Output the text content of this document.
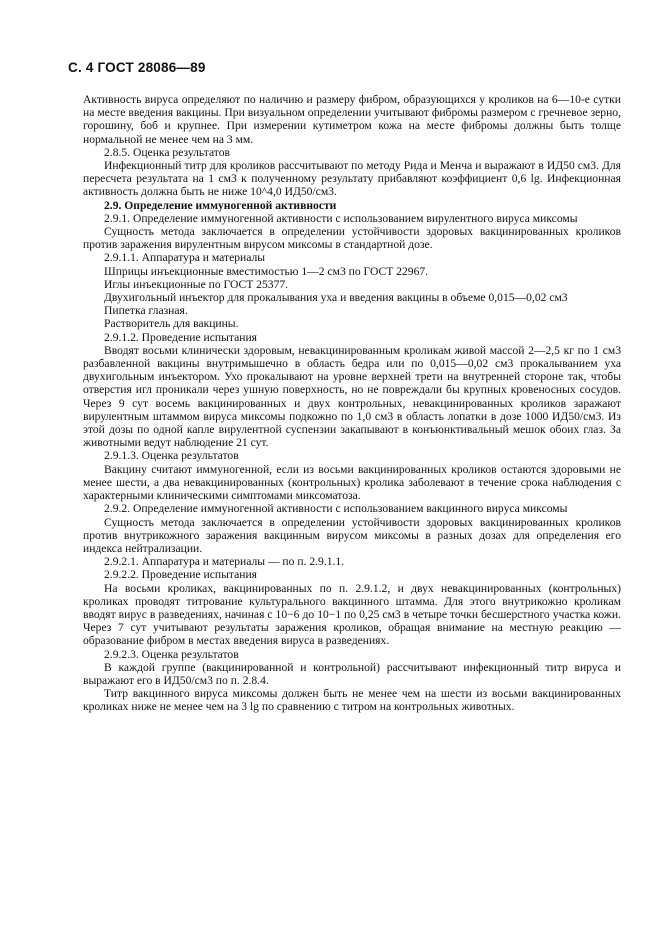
С. 4 ГОСТ 28086—89

Активность вируса определяют по наличию и размеру фибром, образующихся у кроликов на 6—10-е сутки на месте введения вакцины. При визуальном определении учитывают фибромы размером с гречневое зерно, горошину, боб и крупнее. При измерении кутиметром кожа на месте фибромы должны быть толще нормальной не менее чем на 3 мм.

2.8.5. Оценка результатов

Инфекционный титр для кроликов рассчитывают по методу Рида и Менча и выражают в ИД50 см3. Для пересчета результата на 1 см3 к полученному результату прибавляют коэффициент 0,6 lg. Инфекционная активность должна быть не ниже 10^4,0 ИД50/см3.

2.9. Определение иммуногенной активности

2.9.1. Определение иммуногенной активности с использованием вирулентного вируса миксомы

Сущность метода заключается в определении устойчивости здоровых вакцинированных кроликов против заражения вирулентным вирусом миксомы в стандартной дозе.

2.9.1.1. Аппаратура и материалы

Шприцы инъекционные вместимостью 1—2 см3 по ГОСТ 22967.

Иглы инъекционные по ГОСТ 25377.

Двухигольный инъектор для прокалывания уха и введения вакцины в объеме 0,015—0,02 см3

Пипетка глазная.

Растворитель для вакцины.

2.9.1.2. Проведение испытания

Вводят восьми клинически здоровым, невакцинированным кроликам живой массой 2—2,5 кг по 1 см3 разбавленной вакцины внутримышечно в область бедра или по 0,015—0,02 см3 прокалыванием уха двухигольным инъектором. Ухо прокалывают на уровне верхней трети на внутренней стороне так, чтобы отверстия игл проникали через ушную поверхность, но не повреждали бы крупных кровеносных сосудов. Через 9 сут восемь вакцинированных и двух контрольных, невакцинированных кроликов заражают вирулентным штаммом вируса миксомы подкожно по 1,0 см3 в область лопатки в дозе 1000 ИД50/см3. Из этой дозы по одной капле вирулентной суспензии закапывают в конъюнктивальный мешок обоих глаз. За животными ведут наблюдение 21 сут.

2.9.1.3. Оценка результатов

Вакцину считают иммуногенной, если из восьми вакцинированных кроликов остаются здоровыми не менее шести, а два невакцинированных (контрольных) кролика заболевают в течение срока наблюдения с характерными клиническими симптомами миксоматоза.

2.9.2. Определение иммуногенной активности с использованием вакцинного вируса миксомы

Сущность метода заключается в определении устойчивости здоровых вакцинированных кроликов против внутрикожного заражения вакцинным вирусом миксомы в разных дозах для определения его индекса нейтрализации.

2.9.2.1. Аппаратура и материалы — по п. 2.9.1.1.

2.9.2.2. Проведение испытания

На восьми кроликах, вакцинированных по п. 2.9.1.2, и двух невакцинированных (контрольных) кроликах проводят титрование культурального вакцинного штамма. Для этого внутрикожно кроликам вводят вирус в разведениях, начиная с 10−6 до 10−1 по 0,25 см3 в четыре точки бесшерстного участка кожи. Через 7 сут учитывают результаты заражения кроликов, обращая внимание на местную реакцию — образование фибром в местах введения вируса в разведениях.

2.9.2.3. Оценка результатов

В каждой группе (вакцинированной и контрольной) рассчитывают инфекционный титр вируса и выражают его в ИД50/см3 по п. 2.8.4.

Титр вакцинного вируса миксомы должен быть не менее чем на шести из восьми вакцинированных кроликах ниже не менее чем на 3 lg по сравнению с титром на контрольных животных.
